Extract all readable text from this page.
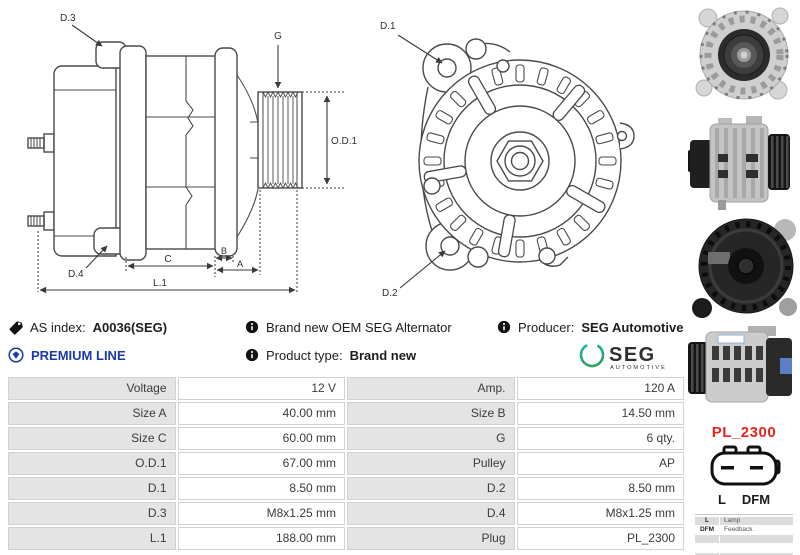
D.3
G
O.D.1
D.4
C
B
A
L.1
D.1
D.2
PL_2300
L DFM
L	Lamp
DFM	Feedback
AS index: A0036(SEG)	Brand new OEM SEG Alternator	Producer: SEG Automotive
PREMIUM LINE	Product type: Brand new	SEG
AUTOMOTIVE
Voltage	12 V	Amp.	120 A
Size A	40.00 mm	Size B	14.50 mm
Size C	60.00 mm	G	6 qty.
O.D.1	67.00 mm	Pulley	AP
D.1	8.50 mm	D.2	8.50 mm
D.3	M8x1.25 mm	D.4	M8x1.25 mm
L.1	188.00 mm	Plug	PL_2300
